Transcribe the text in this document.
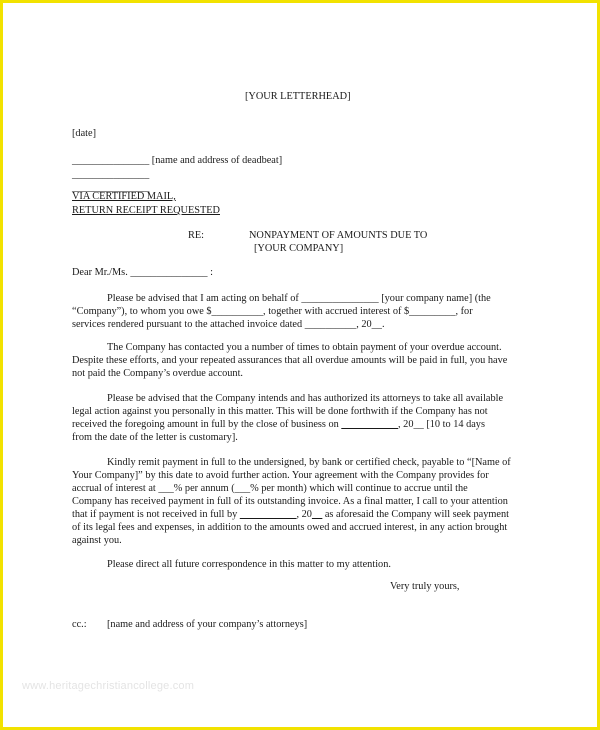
[YOUR LETTERHEAD]
[date]
_______________ [name and address of deadbeat]
_______________
_______________
VIA CERTIFIED MAIL,
RETURN RECEIPT REQUESTED
RE:	NONPAYMENT OF AMOUNTS DUE TO
[YOUR COMPANY]
Dear Mr./Ms. _______________ :
Please be advised that I am acting on behalf of _______________ [your company name] (the
“Company”), to whom you owe $__________, together with accrued interest of $_________, for
services rendered pursuant to the attached invoice dated __________, 20__.
The Company has contacted you a number of times to obtain payment of your overdue account.
Despite these efforts, and your repeated assurances that all overdue amounts will be paid in full, you have
not paid the Company’s overdue account.
Please be advised that the Company intends and has authorized its attorneys to take all available
legal action against you personally in this matter. This will be done forthwith if the Company has not
received the foregoing amount in full by the close of business on ___________, 20__ [10 to 14 days
from the date of the letter is customary].
Kindly remit payment in full to the undersigned, by bank or certified check, payable to “[Name of
Your Company]” by this date to avoid further action. Your agreement with the Company provides for
accrual of interest at ___% per annum (___% per month) which will continue to accrue until the
Company has received payment in full of its outstanding invoice. As a final matter, I call to your attention
that if payment is not received in full by ___________, 20__ as aforesaid the Company will seek payment
of its legal fees and expenses, in addition to the amounts owed and accrued interest, in any action brought
against you.
Please direct all future correspondence in this matter to my attention.
Very truly yours,
cc.: [name and address of your company’s attorneys]
www.heritagechristiancollege.com
